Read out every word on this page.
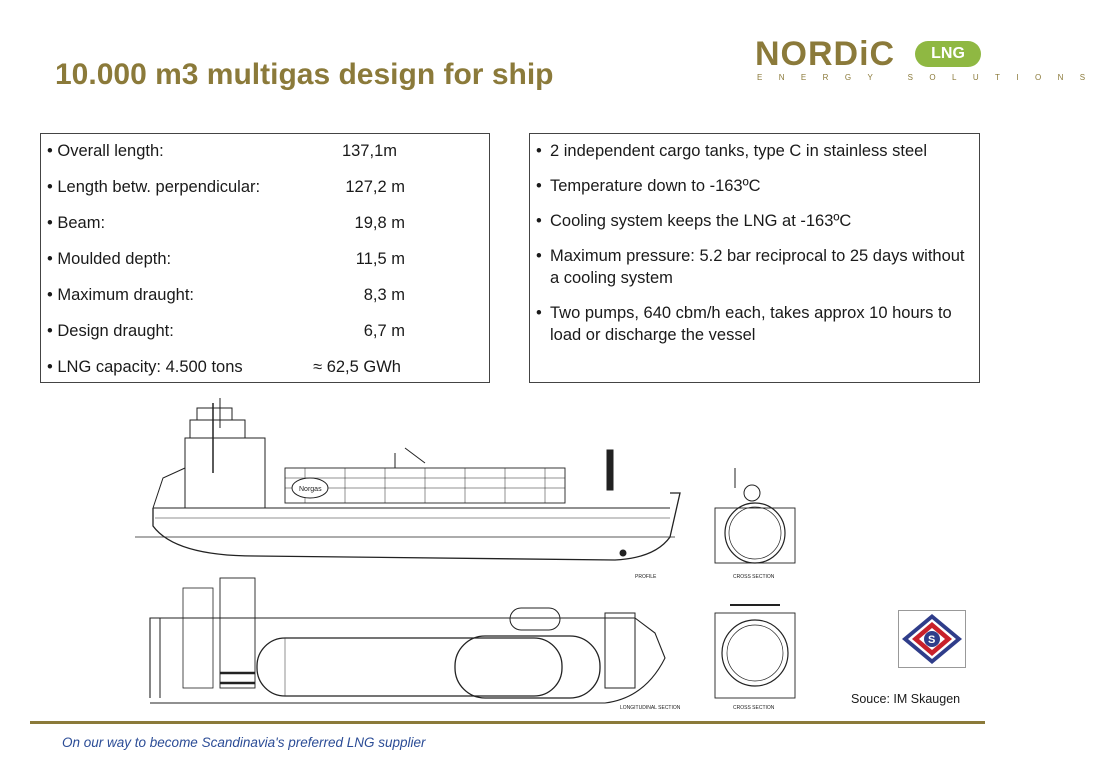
10.000 m3 multigas design for ship
NORDiC	LNG
ENERGY SOLUTIONS
• Overall length:	137,1m
• Length betw. perpendicular:	127,2 m
• Beam:	19,8 m
• Moulded depth:	11,5 m
• Maximum draught:	8,3 m
• Design draught:	6,7 m
• LNG capacity: 4.500 tons	≈ 62,5 GWh
• 2 independent cargo tanks, type C in stainless steel
• Temperature down to -163ºC
• Cooling system keeps the LNG at -163ºC
• Maximum pressure: 5.2 bar reciprocal to 25 days without a cooling system
• Two pumps, 640 cbm/h each, takes approx 10 hours to load or discharge the vessel
Norgas
PROFILE	CROSS SECTION
CROSS SECTION
LONGITUDINAL SECTION
S
Souce: IM Skaugen
On our way to become Scandinavia's preferred LNG supplier
